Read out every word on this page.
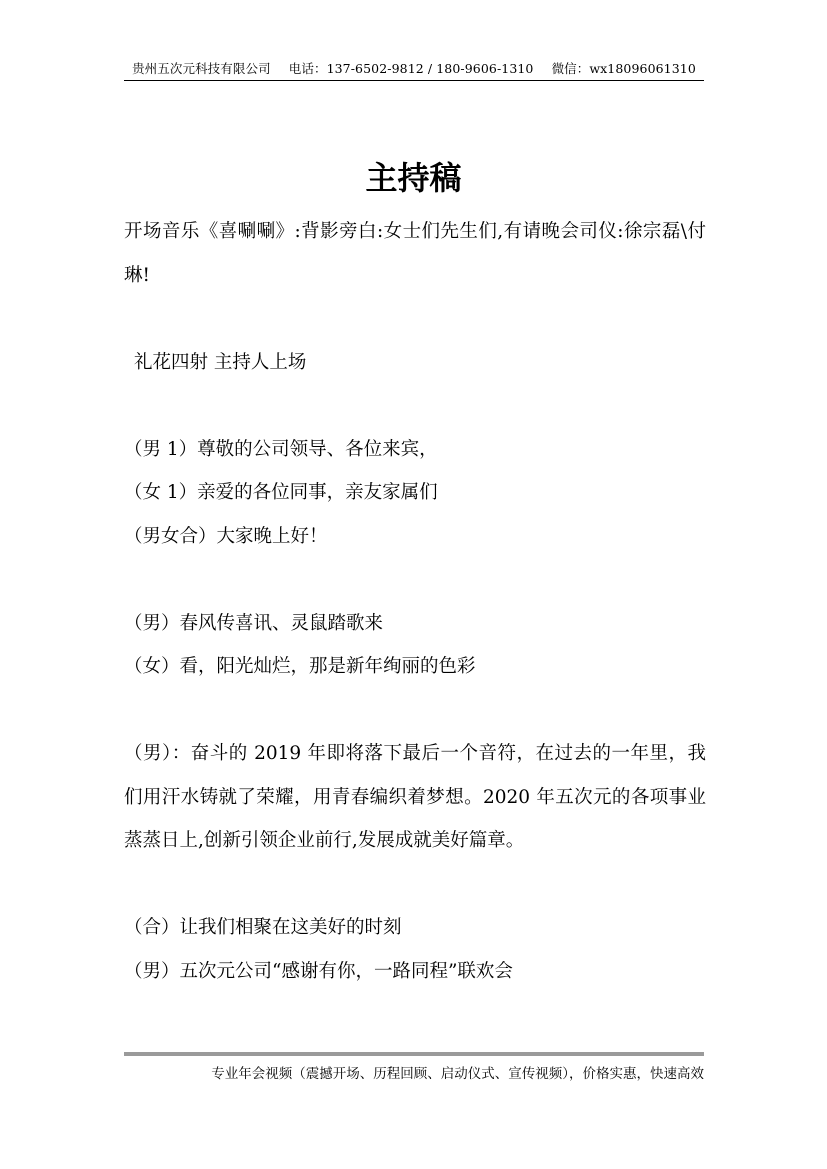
贵州五次元科技有限公司 电话：137-6502-9812 / 180-9606-1310 微信：wx18096061310
主持稿

开场音乐《喜唰唰》:背影旁白:女士们先生们,有请晚会司仪:徐宗磊\付琳!

礼花四射 主持人上场

（男 1）尊敬的公司领导、各位来宾，

（女 1）亲爱的各位同事，亲友家属们

（男女合）大家晚上好！

（男）春风传喜讯、灵鼠踏歌来

（女）看，阳光灿烂，那是新年绚丽的色彩

（男）：奋斗的 2019 年即将落下最后一个音符，在过去的一年里，我们用汗水铸就了荣耀，用青春编织着梦想。2020 年五次元的各项事业蒸蒸日上,创新引领企业前行,发展成就美好篇章。

（合）让我们相聚在这美好的时刻

（男）五次元公司“感谢有你，一路同程”联欢会

专业年会视频（震撼开场、历程回顾、启动仪式、宣传视频），价格实惠，快速高效
